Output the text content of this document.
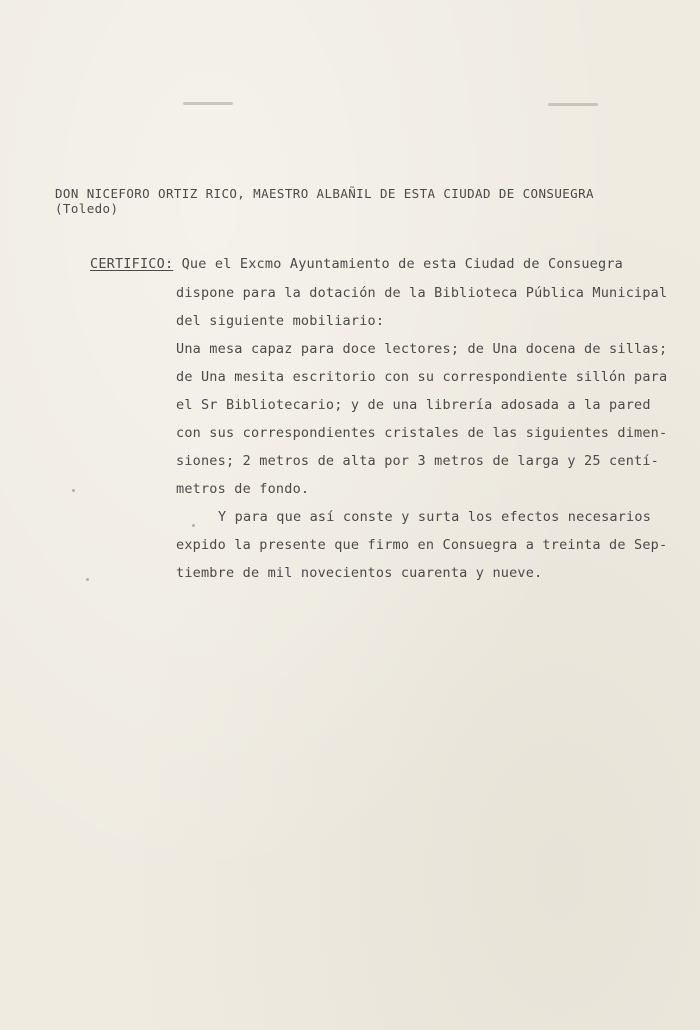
DON NICEFORO ORTIZ RICO, MAESTRO ALBAÑIL DE ESTA CIUDAD DE CONSUEGRA
(Toledo)
CERTIFICO: Que el Excmo Ayuntamiento de esta Ciudad de Consuegra
dispone para la dotación de la Biblioteca Pública Municipal
del siguiente mobiliario:
Una mesa capaz para doce lectores; de Una docena de sillas;
de Una mesita escritorio con su correspondiente sillón para
el Sr Bibliotecario; y de una librería adosada a la pared
con sus correspondientes cristales de las siguientes dimen-
siones; 2 metros de alta por 3 metros de larga y 25 centí-
metros de fondo.
Y para que así conste y surta los efectos necesarios
expido la presente que firmo en Consuegra a treinta de Sep-
tiembre de mil novecientos cuarenta y nueve.
